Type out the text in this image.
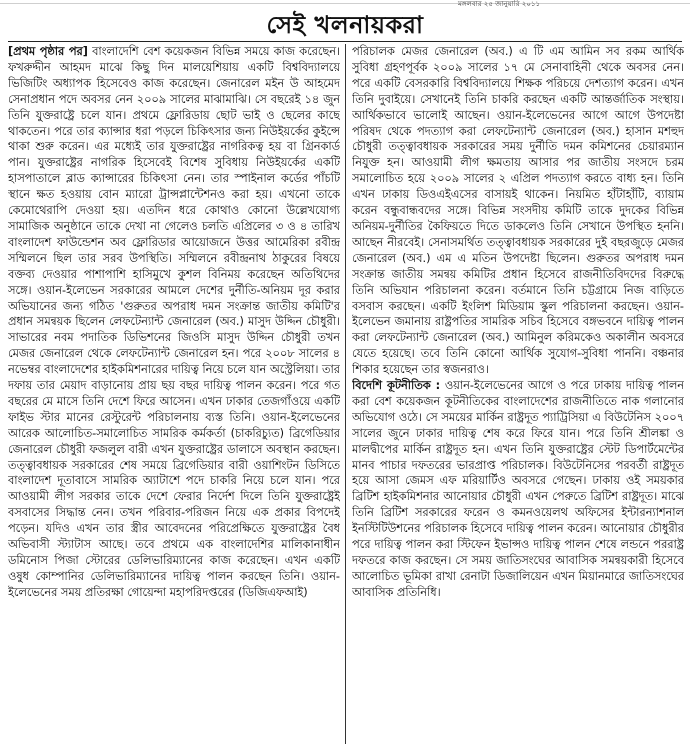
মঙ্গলবার ২৫ জানুয়ারি ২০১১
সেই খলনায়করা

[প্রথম পৃষ্ঠার পর] বাংলাদেশি বেশ কয়েকজন বিভিন্ন সময়ে কাজ করেছেন। ফখরুদ্দীন আহমদ মাঝে কিছু দিন মালয়েশিয়ায় একটি বিশ্ববিদ্যালয়ে ভিজিটিং অধ্যাপক হিসেবেও কাজ করেছেন। জেনারেল মইন উ আহমেদ সেনাপ্রধান পদে অবসর নেন ২০০৯ সালের মাঝামাঝি। সে বছরেই ১৪ জুন তিনি যুক্তরাষ্ট্রে চলে যান। প্রথমে ফ্লোরিডায় ছোট ভাই ও ছেলের কাছে থাকতেন। পরে তার ক্যান্সার ধরা পড়লে চিকিৎসার জন্য নিউইয়র্কের কুইন্সে থাকা শুরু করেন। এর মধ্যেই তার যুক্তরাষ্ট্রের নাগরিকত্ব হয় বা গ্রিনকার্ড পান। যুক্তরাষ্ট্রের নাগরিক হিসেবেই বিশেষ সুবিধায় নিউইয়র্কের একটি হাসপাতালে ব্লাড ক্যান্সারের চিকিৎসা নেন। তার স্পাইনাল কর্ডের পাঁচটি স্থানে ক্ষত হওয়ায় বোন ম্যারো ট্রান্সপ্লান্টেশনও করা হয়। এখনো তাকে কেমোথেরাপি দেওয়া হয়। এতদিন ধরে কোথাও কোনো উল্লেখযোগ্য সামাজিক অনুষ্ঠানে তাকে দেখা না গেলেও চলতি এপ্রিলের ৩ ও ৪ তারিখ বাংলাদেশ ফাউন্ডেশন অব ফ্লোরিডার আয়োজনে উত্তর আমেরিকা রবীন্দ্র সম্মিলনে ছিল তার সরব উপস্থিতি। সম্মিলনে রবীন্দ্রনাথ ঠাকুরের বিষয়ে বক্তব্য দেওয়ার পাশাপাশি হাসিমুখে কুশল বিনিময় করেছেন অতিথিদের সঙ্গে। ওয়ান-ইলেভেন সরকারের আমলে দেশের দুর্নীতি-অনিয়ম দূর করার অভিযানের জন্য গঠিত 'গুরুতর অপরাধ দমন সংক্রান্ত জাতীয় কমিটি'র প্রধান সমন্বয়ক ছিলেন লেফটেন্যান্ট জেনারেল (অব.) মাসুদ উদ্দিন চৌধুরী। সাভারের নবম পদাতিক ডিভিশনের জিওসি মাসুদ উদ্দিন চৌধুরী তখন মেজর জেনারেল থেকে লেফটেন্যান্ট জেনারেল হন। পরে ২০০৮ সালের ৪ নভেম্বর বাংলাদেশের হাইকমিশনারের দায়িত্ব নিয়ে চলে যান অস্ট্রেলিয়া। তার দফায় তার মেয়াদ বাড়ানোয় প্রায় ছয় বছর দায়িত্ব পালন করেন। পরে গত বছরের মে মাসে তিনি দেশে ফিরে আসেন। এখন ঢাকার তেজগাঁওয়ে একটি ফাইভ স্টার মানের রেস্টুরেন্ট পরিচালনায় ব্যস্ত তিনি। ওয়ান-ইলেভেনের আরেক আলোচিত-সমালোচিত সামরিক কর্মকর্তা (চাকরিচ্যুত) ব্রিগেডিয়ার জেনারেল চৌধুরী ফজলুল বারী এখন যুক্তরাষ্ট্রের ডালাসে অবস্থান করছেন। তত্ত্বাবধায়ক সরকারের শেষ সময়ে ব্রিগেডিয়ার বারী ওয়াশিংটন ডিসিতে বাংলাদেশ দূতাবাসে সামরিক অ্যাটাশে পদে চাকরি নিয়ে চলে যান। পরে আওয়ামী লীগ সরকার তাকে দেশে ফেরার নির্দেশ দিলে তিনি যুক্তরাষ্ট্রেই বসবাসের সিদ্ধান্ত নেন। তখন পরিবার-পরিজন নিয়ে এক প্রকার বিপদেই পড়েন। যদিও এখন তার স্ত্রীর আবেদনের পরিপ্রেক্ষিতে যুক্তরাষ্ট্রের বৈধ অভিবাসী স্ট্যাটাস আছে। তবে প্রথমে এক বাংলাদেশির মালিকানাধীন ডমিনোস পিজা স্টোরের ডেলিভারিম্যানের কাজ করেছেন। এখন একটি ওষুধ কোম্পানির ডেলিভারিম্যানের দায়িত্ব পালন করছেন তিনি। ওয়ান-ইলেভেনের সময় প্রতিরক্ষা গোয়েন্দা মহাপরিদপ্তরের (ডিজিএফআই)

পরিচালক মেজর জেনারেল (অব.) এ টি এম আমিন সব রকম আর্থিক সুবিধা গ্রহণপূর্বক ২০০৯ সালের ১৭ মে সেনাবাহিনী থেকে অবসর নেন। পরে একটি বেসরকারি বিশ্ববিদ্যালয়ে শিক্ষক পরিচয়ে দেশত্যাগ করেন। এখন তিনি দুবাইয়ে। সেখানেই তিনি চাকরি করছেন একটি আন্তর্জাতিক সংস্থায়। আর্থিকভাবে ভালোই আছেন। ওয়ান-ইলেভেনের আগে আগে উপদেষ্টা পরিষদ থেকে পদত্যাগ করা লেফটেন্যান্ট জেনারেল (অব.) হাসান মশহুদ চৌধুরী তত্ত্বাবধায়ক সরকারের সময় দুর্নীতি দমন কমিশনের চেয়ারম্যান নিযুক্ত হন। আওয়ামী লীগ ক্ষমতায় আসার পর জাতীয় সংসদে চরম সমালোচিত হয়ে ২০০৯ সালের ২ এপ্রিল পদত্যাগ করতে বাধ্য হন। তিনি এখন ঢাকায় ডিওএইএসের বাসায়ই থাকেন। নিয়মিত হাঁটাহাঁটি, ব্যায়াম করেন বন্ধুবান্ধবদের সঙ্গে। বিভিন্ন সংসদীয় কমিটি তাকে দুদকের বিভিন্ন অনিয়ম-দুর্নীতির কৈফিয়তে দিতে ডাকলেও তিনি সেখানে উপস্থিত হননি। আছেন নীরবেই। সেনাসমর্থিত তত্ত্বাবধায়ক সরকারের দুই বছরজুড়ে মেজর জেনারেল (অব.) এম এ মতিন উপদেষ্টা ছিলেন। গুরুতর অপরাধ দমন সংক্রান্ত জাতীয় সমন্বয় কমিটির প্রধান হিসেবে রাজনীতিবিদদের বিরুদ্ধে তিনি অভিযান পরিচালনা করেন। বর্তমানে তিনি চট্টগ্রামে নিজ বাড়িতে বসবাস করছেন। একটি ইংলিশ মিডিয়াম স্কুল পরিচালনা করছেন। ওয়ান-ইলেভেন জমানায় রাষ্ট্রপতির সামরিক সচিব হিসেবে বঙ্গভবনে দায়িত্ব পালন করা লেফটেন্যান্ট জেনারেল (অব.) আমিনুল করিমকেও অকালীন অবসরে যেতে হয়েছে। তবে তিনি কোনো আর্থিক সুযোগ-সুবিধা পাননি। বঞ্চনার শিকার হয়েছেন তার স্বজনরাও।

বিদেশি কূটনীতিক : ওয়ান-ইলেভেনের আগে ও পরে ঢাকায় দায়িত্ব পালন করা বেশ কয়েকজন কূটনীতিকের বাংলাদেশের রাজনীতিতে নাক গলানোর অভিযোগ ওঠে। সে সময়ের মার্কিন রাষ্ট্রদূত প্যাট্রিসিয়া এ বিউটেনিস ২০০৭ সালের জুনে ঢাকার দায়িত্ব শেষ করে ফিরে যান। পরে তিনি শ্রীলঙ্কা ও মালদ্বীপের মার্কিন রাষ্ট্রদূত হন। এখন তিনি যুক্তরাষ্ট্রের স্টেট ডিপার্টমেন্টের মানব পাচার দফতরের ভারপ্রাপ্ত পরিচালক। বিউটেনিসের পরবর্তী রাষ্ট্রদূত হয়ে আসা জেমস এফ মরিয়ার্টিও অবসরে গেছেন। ঢাকায় ওই সময়কার ব্রিটিশ হাইকমিশনার আনোয়ার চৌধুরী এখন পেরুতে ব্রিটিশ রাষ্ট্রদূত। মাঝে তিনি ব্রিটিশ সরকারের ফরেন ও কমনওয়েলথ অফিসের ইন্টারন্যাশনাল ইনস্টিটিউশনের পরিচালক হিসেবে দায়িত্ব পালন করেন। আনোয়ার চৌধুরীর পরে দায়িত্ব পালন করা স্টিফেন ইভান্সও দায়িত্ব পালন শেষে লন্ডনে পররাষ্ট্র দফতরে কাজ করছেন। সে সময় জাতিসংঘের আবাসিক সমন্বয়কারী হিসেবে আলোচিত ভূমিকা রাখা রেনাটা ডিজালিয়েন এখন মিয়ানমারে জাতিসংঘের আবাসিক প্রতিনিধি।
